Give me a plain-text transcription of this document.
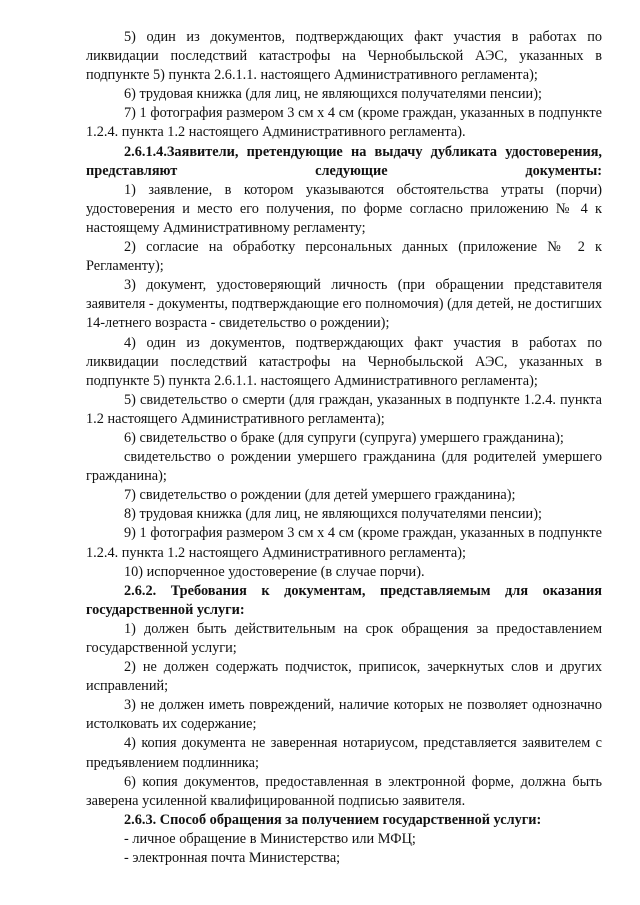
5) один из документов, подтверждающих факт участия в работах по ликвидации последствий катастрофы на Чернобыльской АЭС, указанных в подпункте 5) пункта 2.6.1.1. настоящего Административного регламента);

6) трудовая книжка (для лиц, не являющихся получателями пенсии);

7) 1 фотография размером 3 см х 4 см (кроме граждан, указанных в подпункте 1.2.4. пункта 1.2 настоящего Административного регламента).

2.6.1.4.Заявители, претендующие на выдачу дубликата удостоверения, представляют следующие документы:

1) заявление, в котором указываются обстоятельства утраты (порчи) удостоверения и место его получения, по форме согласно приложению № 4 к настоящему Административному регламенту;

2) согласие на обработку персональных данных (приложение № 2 к Регламенту);

3) документ, удостоверяющий личность (при обращении представителя заявителя - документы, подтверждающие его полномочия) (для детей, не достигших 14-летнего возраста - свидетельство о рождении);

4) один из документов, подтверждающих факт участия в работах по ликвидации последствий катастрофы на Чернобыльской АЭС, указанных в подпункте 5) пункта 2.6.1.1. настоящего Административного регламента);

5) свидетельство о смерти (для граждан, указанных в подпункте 1.2.4. пункта 1.2 настоящего Административного регламента);

6) свидетельство о браке (для супруги (супруга) умершего гражданина);

свидетельство о рождении умершего гражданина (для родителей умершего гражданина);

7) свидетельство о рождении (для детей умершего гражданина);

8) трудовая книжка (для лиц, не являющихся получателями пенсии);

9) 1 фотография размером 3 см х 4 см (кроме граждан, указанных в подпункте 1.2.4. пункта 1.2 настоящего Административного регламента);

10) испорченное удостоверение (в случае порчи).

2.6.2. Требования к документам, представляемым для оказания государственной услуги:

1) должен быть действительным на срок обращения за предоставлением государственной услуги;

2) не должен содержать подчисток, приписок, зачеркнутых слов и других исправлений;

3) не должен иметь повреждений, наличие которых не позволяет однозначно истолковать их содержание;

4) копия документа не заверенная нотариусом, представляется заявителем с предъявлением подлинника;

6) копия документов, предоставленная в электронной форме, должна быть заверена усиленной квалифицированной подписью заявителя.

2.6.3. Способ обращения за получением государственной услуги:

- личное обращение в Министерство или МФЦ;

- электронная почта Министерства;
